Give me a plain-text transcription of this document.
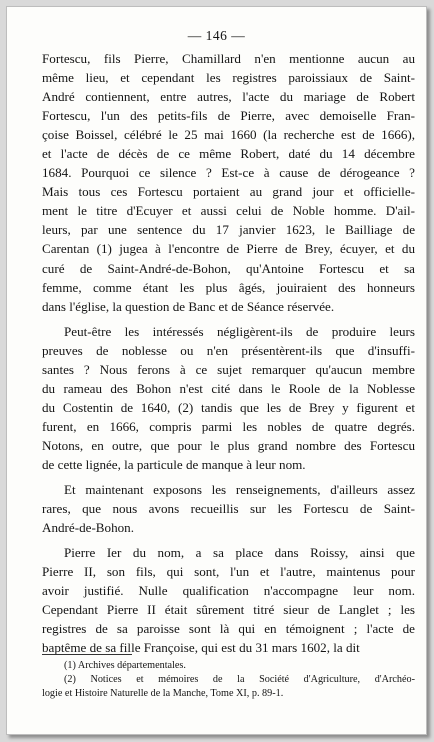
— 146 —

Fortescu, fils Pierre, Chamillard n'en mentionne aucun au
même lieu, et cependant les registres paroissiaux de Saint-
André contiennent, entre autres, l'acte du mariage de Robert
Fortescu, l'un des petits-fils de Pierre, avec demoiselle Fran-
çoise Boissel, célébré le 25 mai 1660 (la recherche est de 1666),
et l'acte de décès de ce même Robert, daté du 14 décembre
1684. Pourquoi ce silence ? Est-ce à cause de dérogeance ?
Mais tous ces Fortescu portaient au grand jour et officielle-
ment le titre d'Ecuyer et aussi celui de Noble homme. D'ail-
leurs, par une sentence du 17 janvier 1623, le Bailliage de
Carentan (1) jugea à l'encontre de Pierre de Brey, écuyer, et du
curé de Saint-André-de-Bohon, qu'Antoine Fortescu et sa
femme, comme étant les plus âgés, jouiraient des honneurs
dans l'église, la question de Banc et de Séance réservée.

Peut-être les intéressés négligèrent-ils de produire leurs
preuves de noblesse ou n'en présentèrent-ils que d'insuffi-
santes ? Nous ferons à ce sujet remarquer qu'aucun membre
du rameau des Bohon n'est cité dans le Roole de la Noblesse
du Costentin de 1640, (2) tandis que les de Brey y figurent et
furent, en 1666, compris parmi les nobles de quatre degrés.
Notons, en outre, que pour le plus grand nombre des Fortescu
de cette lignée, la particule de manque à leur nom.

Et maintenant exposons les renseignements, d'ailleurs assez
rares, que nous avons recueillis sur les Fortescu de Saint-
André-de-Bohon.

Pierre Ier du nom, a sa place dans Roissy, ainsi que
Pierre II, son fils, qui sont, l'un et l'autre, maintenus pour
avoir justifié. Nulle qualification n'accompagne leur nom.
Cependant Pierre II était sûrement titré sieur de Langlet ; les
registres de sa paroisse sont là qui en témoignent ; l'acte de
baptême de sa fille Françoise, qui est du 31 mars 1602, la dit

(1) Archives départementales.
(2) Notices et mémoires de la Société d'Agriculture, d'Archéo-
logie et Histoire Naturelle de la Manche, Tome XI, p. 89-1.
